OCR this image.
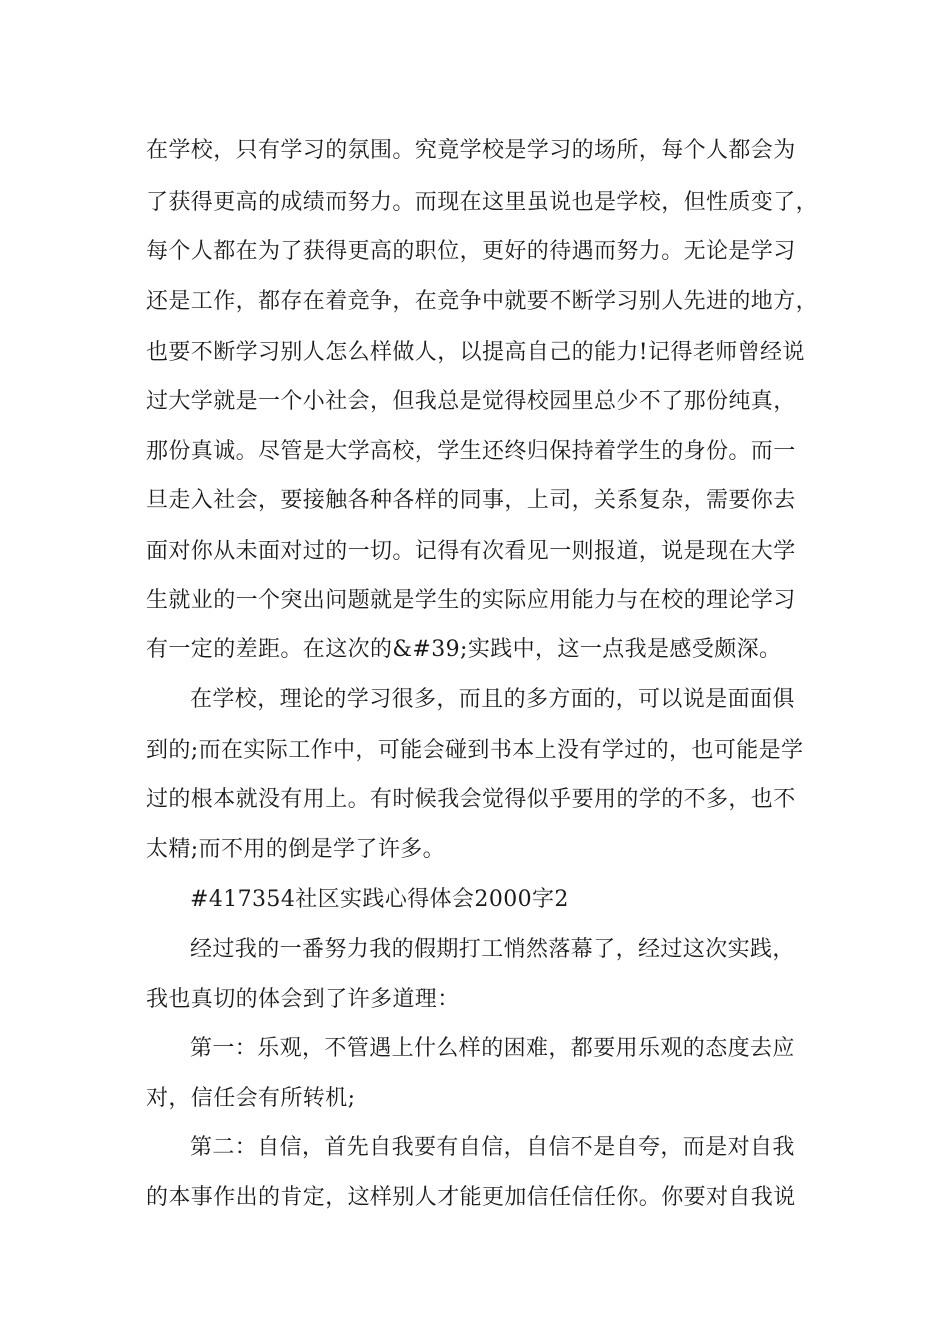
在学校，只有学习的氛围。究竟学校是学习的场所，每个人都会为
了获得更高的成绩而努力。而现在这里虽说也是学校，但性质变了，
每个人都在为了获得更高的职位，更好的待遇而努力。无论是学习
还是工作，都存在着竞争，在竞争中就要不断学习别人先进的地方，
也要不断学习别人怎么样做人，以提高自己的能力!记得老师曾经说
过大学就是一个小社会，但我总是觉得校园里总少不了那份纯真，
那份真诚。尽管是大学高校，学生还终归保持着学生的身份。而一
旦走入社会，要接触各种各样的同事，上司，关系复杂，需要你去
面对你从未面对过的一切。记得有次看见一则报道，说是现在大学
生就业的一个突出问题就是学生的实际应用能力与在校的理论学习
有一定的差距。在这次的&#39;实践中，这一点我是感受颇深。
在学校，理论的学习很多，而且的多方面的，可以说是面面俱
到的;而在实际工作中，可能会碰到书本上没有学过的，也可能是学
过的根本就没有用上。有时候我会觉得似乎要用的学的不多，也不
太精;而不用的倒是学了许多。
#417354社区实践心得体会2000字2
经过我的一番努力我的假期打工悄然落幕了，经过这次实践，
我也真切的体会到了许多道理：
第一：乐观，不管遇上什么样的困难，都要用乐观的态度去应
对，信任会有所转机;
第二：自信，首先自我要有自信，自信不是自夸，而是对自我
的本事作出的肯定，这样别人才能更加信任信任你。你要对自我说
